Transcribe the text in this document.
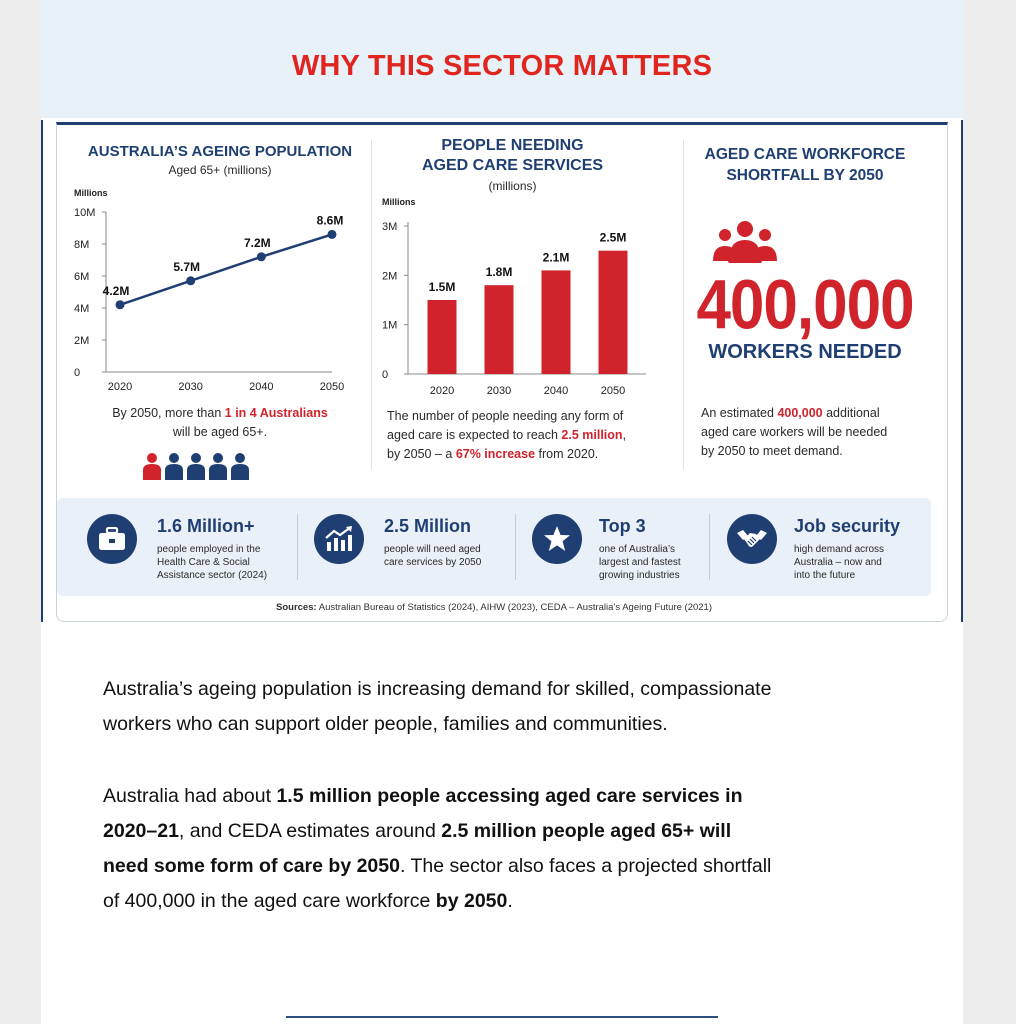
WHY THIS SECTOR MATTERS
AUSTRALIA’S AGEING POPULATION
Aged 65+ (millions)
Millions
0
2M
4M
6M
8M
10M
2020	2030	2040	2050
4.2M
5.7M
7.2M
8.6M
By 2050, more than 1 in 4 Australians
will be aged 65+.
PEOPLE NEEDING
AGED CARE SERVICES
(millions)
Millions
0
1M
2M
3M
1.5M
2020
1.8M
2030
2.1M
2040
2.5M
2050
The number of people needing any form of
aged care is expected to reach 2.5 million,
by 2050 – a 67% increase from 2020.
AGED CARE WORKFORCE
SHORTFALL BY 2050
400,000
WORKERS NEEDED
An estimated 400,000 additional
aged care workers will be needed
by 2050 to meet demand.
1.6 Million+
people employed in the
Health Care & Social
Assistance sector (2024)
2.5 Million
people will need aged
care services by 2050
Top 3
one of Australia’s
largest and fastest
growing industries
Job security
high demand across
Australia – now and
into the future
Sources: Australian Bureau of Statistics (2024), AIHW (2023), CEDA – Australia’s Ageing Future (2021)
Australia’s ageing population is increasing demand for skilled, compassionate
workers who can support older people, families and communities.
Australia had about 1.5 million people accessing aged care services in
2020–21, and CEDA estimates around 2.5 million people aged 65+ will
need some form of care by 2050. The sector also faces a projected shortfall
of 400,000 in the aged care workforce by 2050.
